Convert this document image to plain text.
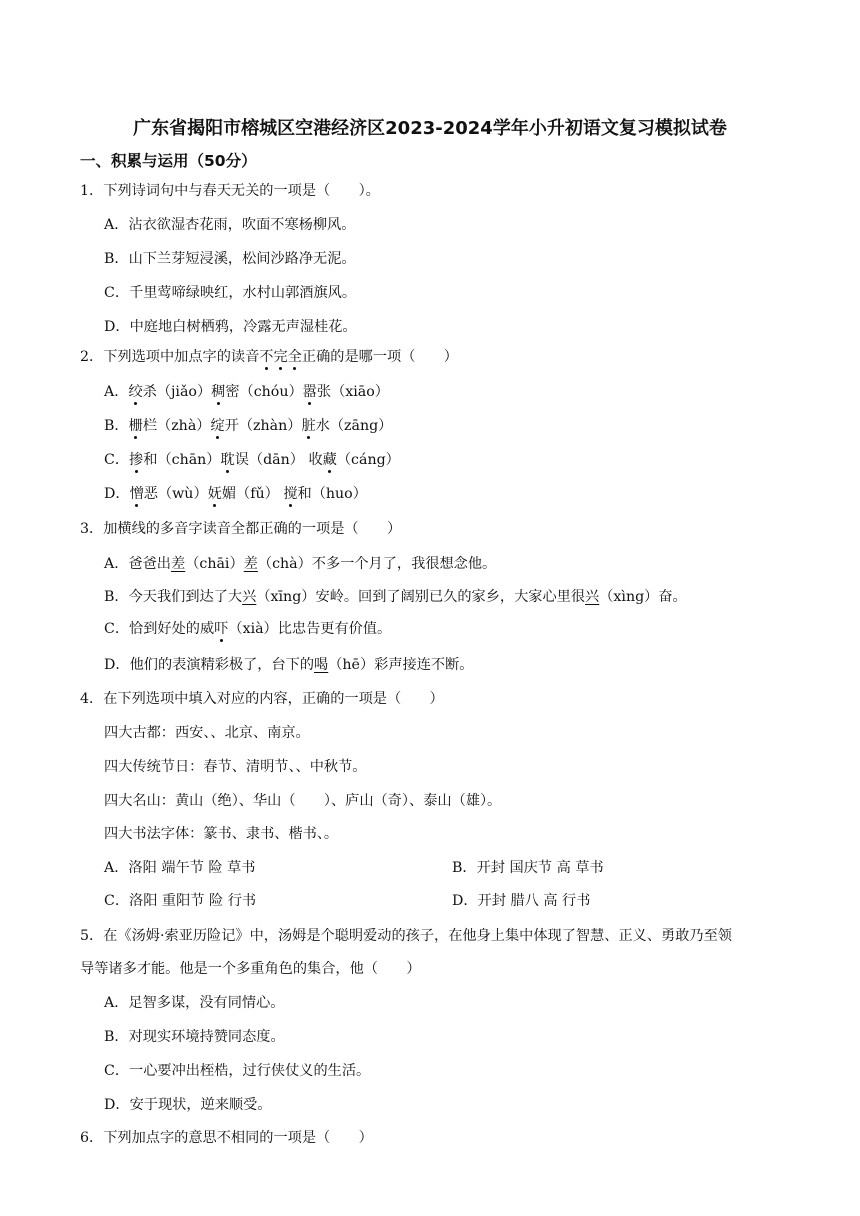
广东省揭阳市榕城区空港经济区2023-2024学年小升初语文复习模拟试卷
一、积累与运用（50分）
1．下列诗词句中与春天无关的一项是（　　）。
A．沾衣欲湿杏花雨，吹面不寒杨柳风。
B．山下兰芽短浸溪，松间沙路净无泥。
C．千里莺啼绿映红，水村山郭酒旗风。
D．中庭地白树栖鸦，冷露无声湿桂花。
2．下列选项中加点字的读音不完全正确的是哪一项（　　）
A．绞杀（jiǎo）稠密（chóu）嚣张（xiāo）
B．栅栏（zhà）绽开（zhàn）脏水（zāng）
C．掺和（chān）耽误（dān） 收藏（cáng）
D．憎恶（wù）妩媚（fǔ） 搅和（huo）
3．加横线的多音字读音全都正确的一项是（　　）
A．爸爸出差（chāi）差（chà）不多一个月了，我很想念他。
B．今天我们到达了大兴（xīng）安岭。回到了阔别已久的家乡，大家心里很兴（xìng）奋。
C．恰到好处的威吓（xià）比忠告更有价值。
D．他们的表演精彩极了，台下的喝（hē）彩声接连不断。
4．在下列选项中填入对应的内容，正确的一项是（　　）
四大古都：西安、、北京、南京。
四大传统节日：春节、清明节、、中秋节。
四大名山：黄山（绝）、华山（　　）、庐山（奇）、泰山（雄）。
四大书法字体：篆书、隶书、楷书、。
A．洛阳 端午节 险 草书	B．开封 国庆节 高 草书
C．洛阳 重阳节 险 行书	D．开封 腊八 高 行书
5．在《汤姆·索亚历险记》中，汤姆是个聪明爱动的孩子，在他身上集中体现了智慧、正义、勇敢乃至领
导等诸多才能。他是一个多重角色的集合，他（　　）
A．足智多谋，没有同情心。
B．对现实环境持赞同态度。
C．一心要冲出桎梏，过行侠仗义的生活。
D．安于现状，逆来顺受。
6．下列加点字的意思不相同的一项是（　　）
